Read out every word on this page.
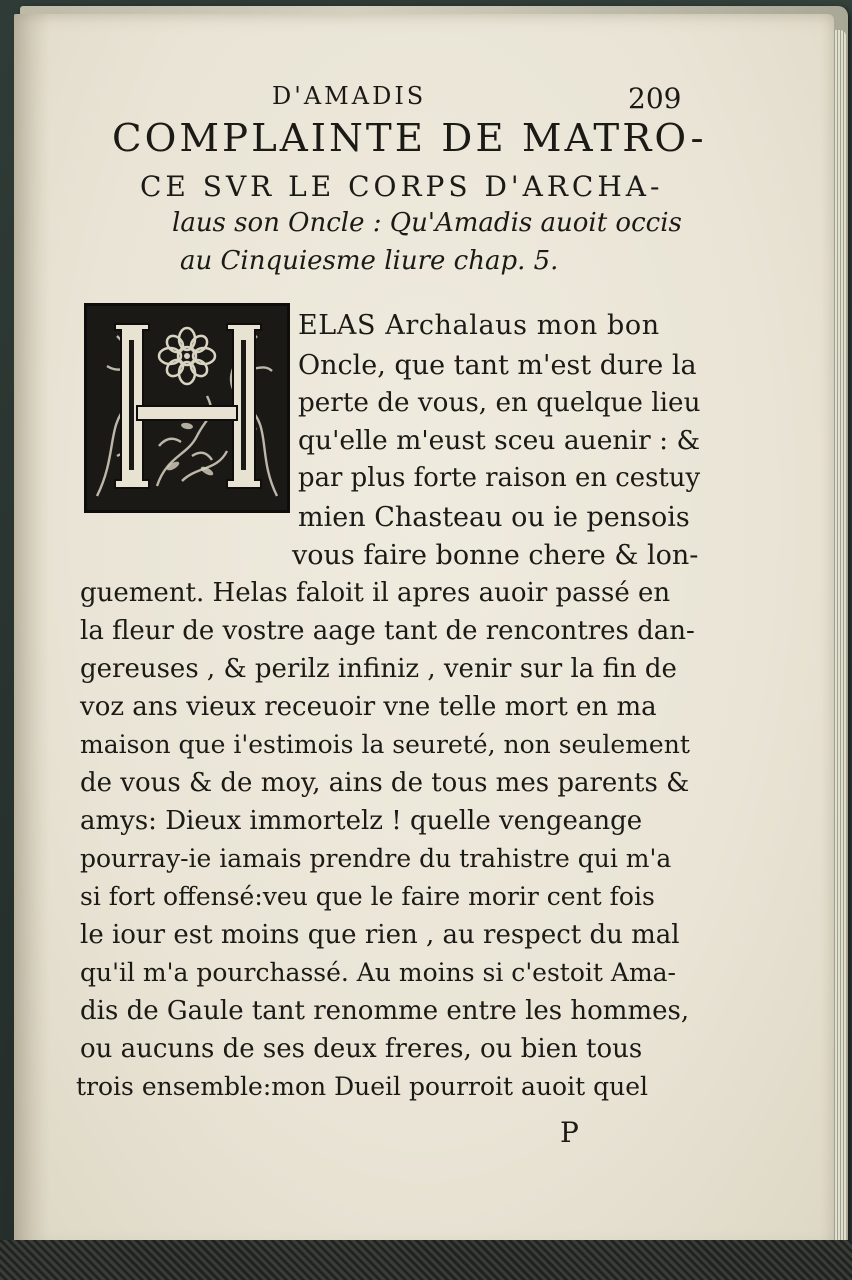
D'AMADIS	209
COMPLAINTE DE MATRO-
CE SVR LE CORPS D'ARCHA-
laus son Oncle : Qu'Amadis auoit occis
au Cinquiesme liure chap. 5.
ELAS Archalaus mon bon
Oncle, que tant m'est dure la
perte de vous, en quelque lieu
qu'elle m'eust sceu auenir : &
par plus forte raison en cestuy
mien Chasteau ou ie pensois
vous faire bonne chere & lon-
guement. Helas faloit il apres auoir passé en
la fleur de vostre aage tant de rencontres dan-
gereuses , & perilz infiniz , venir sur la fin de
voz ans vieux receuoir vne telle mort en ma
maison que i'estimois la seureté, non seulement
de vous & de moy, ains de tous mes parents &
amys: Dieux immortelz ! quelle vengeange
pourray-ie iamais prendre du trahistre qui m'a
si fort offensé:veu que le faire morir cent fois
le iour est moins que rien , au respect du mal
qu'il m'a pourchassé. Au moins si c'estoit Ama-
dis de Gaule tant renomme entre les hommes,
ou aucuns de ses deux freres, ou bien tous
trois ensemble:mon Dueil pourroit auoit quel
P
